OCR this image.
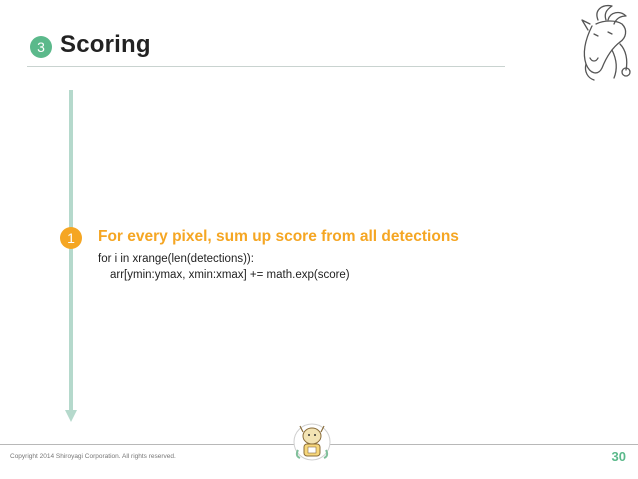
3 Scoring
1	For every pixel, sum up score from all detections
for i in xrange(len(detections)):
arr[ymin:ymax, xmin:xmax] += math.exp(score)
Copyright 2014 Shiroyagi Corporation. All rights reserved.	30
